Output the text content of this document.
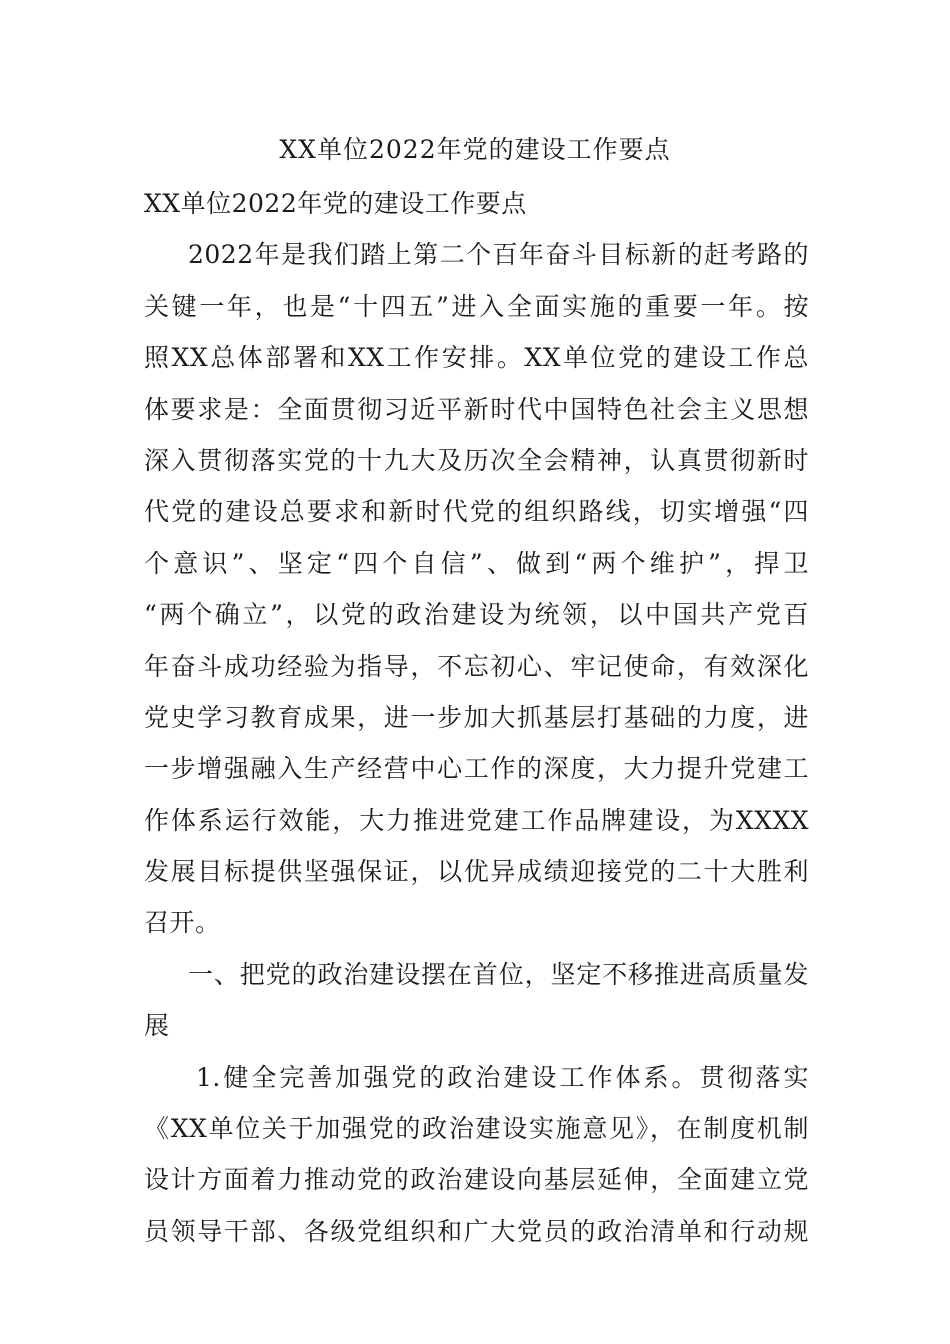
XX单位2022年党的建设工作要点
XX单位2022年党的建设工作要点
2022年是我们踏上第二个百年奋斗目标新的赶考路的
关键一年，也是“十四五”进入全面实施的重要一年。按
照XX总体部署和XX工作安排。XX单位党的建设工作总
体要求是：全面贯彻习近平新时代中国特色社会主义思想
深入贯彻落实党的十九大及历次全会精神，认真贯彻新时
代党的建设总要求和新时代党的组织路线，切实增强“四
个意识”、坚定“四个自信”、做到“两个维护”，捍卫
“两个确立”，以党的政治建设为统领，以中国共产党百
年奋斗成功经验为指导，不忘初心、牢记使命，有效深化
党史学习教育成果，进一步加大抓基层打基础的力度，进
一步增强融入生产经营中心工作的深度，大力提升党建工
作体系运行效能，大力推进党建工作品牌建设，为XXXX
发展目标提供坚强保证，以优异成绩迎接党的二十大胜利
召开。
一、把党的政治建设摆在首位，坚定不移推进高质量发
展
1.健全完善加强党的政治建设工作体系。贯彻落实
《XX单位关于加强党的政治建设实施意见》，在制度机制
设计方面着力推动党的政治建设向基层延伸，全面建立党
员领导干部、各级党组织和广大党员的政治清单和行动规
